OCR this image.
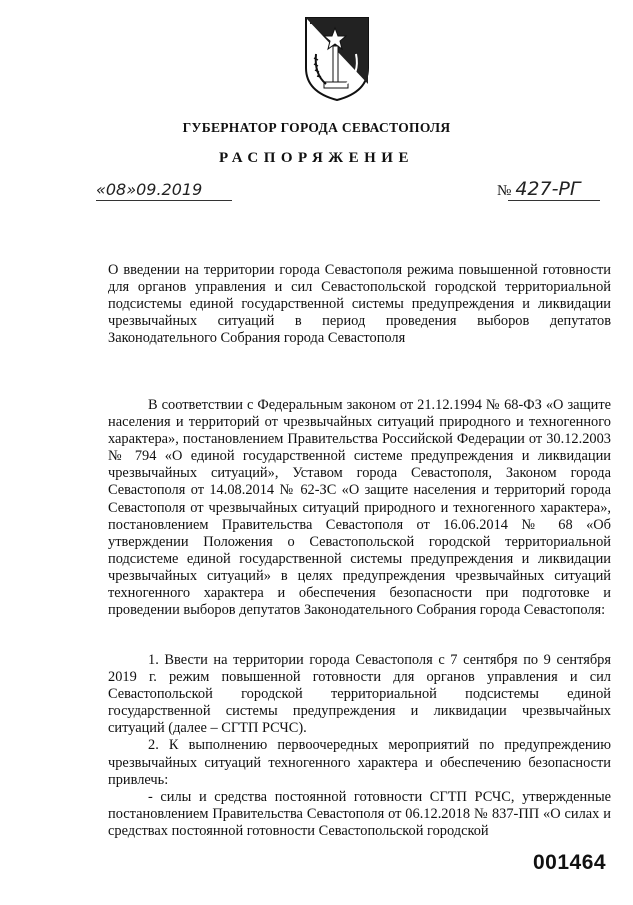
ГУБЕРНАТОР ГОРОДА СЕВАСТОПОЛЯ
РАСПОРЯЖЕНИЕ
«08»09.2019	№ 427-РГ
О введении на территории города Севастополя режима повышенной готовности для органов управления и сил Севастопольской городской территориальной подсистемы единой государственной системы предупреждения и ликвидации чрезвычайных ситуаций в период проведения выборов депутатов Законодательного Собрания города Севастополя

В соответствии с Федеральным законом от 21.12.1994 № 68-ФЗ «О защите населения и территорий от чрезвычайных ситуаций природного и техногенного характера», постановлением Правительства Российской Федерации от 30.12.2003 № 794 «О единой государственной системе предупреждения и ликвидации чрезвычайных ситуаций», Уставом города Севастополя, Законом города Севастополя от 14.08.2014 № 62-ЗС «О защите населения и территорий города Севастополя от чрезвычайных ситуаций природного и техногенного характера», постановлением Правительства Севастополя от 16.06.2014 № 68 «Об утверждении Положения о Севастопольской городской территориальной подсистеме единой государственной системы предупреждения и ликвидации чрезвычайных ситуаций» в целях предупреждения чрезвычайных ситуаций техногенного характера и обеспечения безопасности при подготовке и проведении выборов депутатов Законодательного Собрания города Севастополя:

1. Ввести на территории города Севастополя с 7 сентября по 9 сентября 2019 г. режим повышенной готовности для органов управления и сил Севастопольской городской территориальной подсистемы единой государственной системы предупреждения и ликвидации чрезвычайных ситуаций (далее – СГТП РСЧС).

2. К выполнению первоочередных мероприятий по предупреждению чрезвычайных ситуаций техногенного характера и обеспечению безопасности привлечь:

- силы и средства постоянной готовности СГТП РСЧС, утвержденные постановлением Правительства Севастополя от 06.12.2018 № 837-ПП «О силах и средствах постоянной готовности Севастопольской городской

001464
